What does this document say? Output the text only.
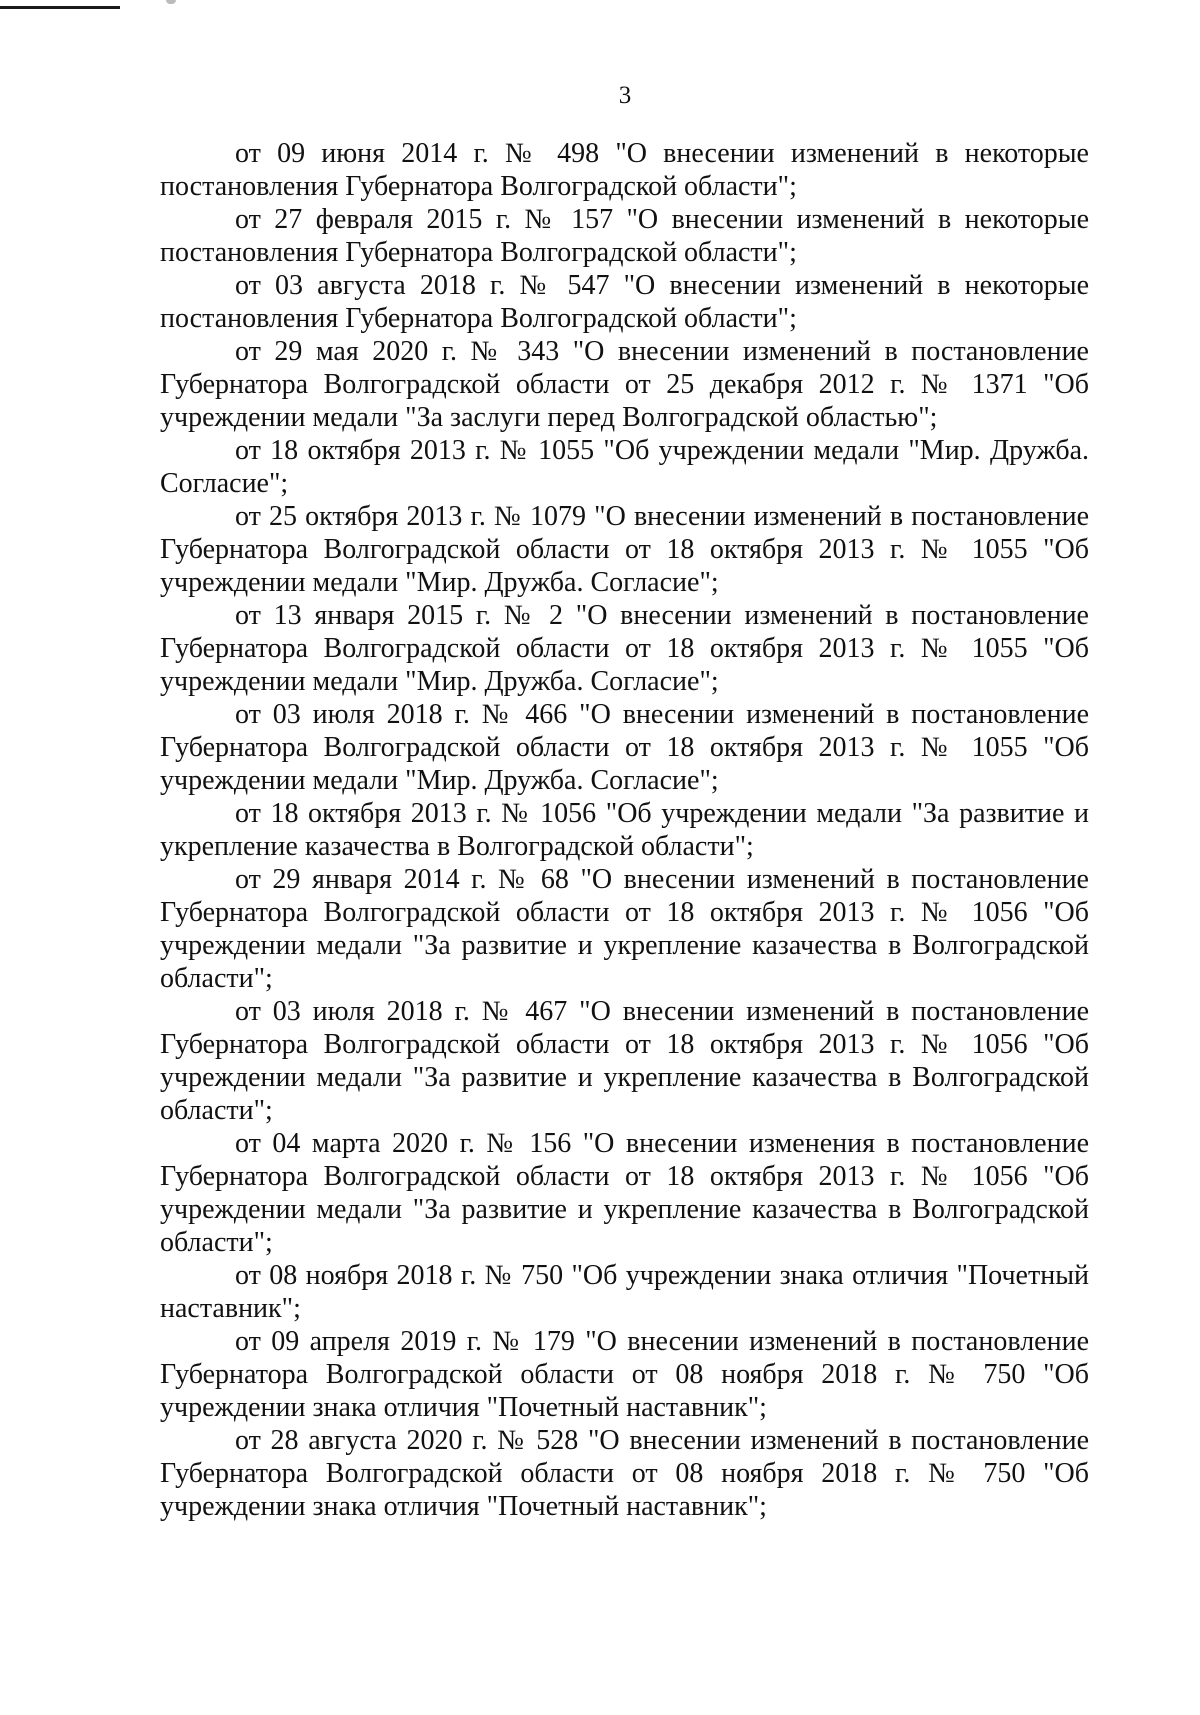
3
от 09 июня 2014 г. № 498 "О внесении изменений в некоторые постановления Губернатора Волгоградской области";
от 27 февраля 2015 г. № 157 "О внесении изменений в некоторые постановления Губернатора Волгоградской области";
от 03 августа 2018 г. № 547 "О внесении изменений в некоторые постановления Губернатора Волгоградской области";
от 29 мая 2020 г. № 343 "О внесении изменений в постановление Губернатора Волгоградской области от 25 декабря 2012 г. № 1371 "Об учреждении медали "За заслуги перед Волгоградской областью";
от 18 октября 2013 г. № 1055 "Об учреждении медали "Мир. Дружба. Согласие";
от 25 октября 2013 г. № 1079 "О внесении изменений в постановление Губернатора Волгоградской области от 18 октября 2013 г. № 1055 "Об учреждении медали "Мир. Дружба. Согласие";
от 13 января 2015 г. № 2 "О внесении изменений в постановление Губернатора Волгоградской области от 18 октября 2013 г. № 1055 "Об учреждении медали "Мир. Дружба. Согласие";
от 03 июля 2018 г. № 466 "О внесении изменений в постановление Губернатора Волгоградской области от 18 октября 2013 г. № 1055 "Об учреждении медали "Мир. Дружба. Согласие";
от 18 октября 2013 г. № 1056 "Об учреждении медали "За развитие и укрепление казачества в Волгоградской области";
от 29 января 2014 г. № 68 "О внесении изменений в постановление Губернатора Волгоградской области от 18 октября 2013 г. № 1056 "Об учреждении медали "За развитие и укрепление казачества в Волгоградской области";
от 03 июля 2018 г. № 467 "О внесении изменений в постановление Губернатора Волгоградской области от 18 октября 2013 г. № 1056 "Об учреждении медали "За развитие и укрепление казачества в Волгоградской области";
от 04 марта 2020 г. № 156 "О внесении изменения в постановление Губернатора Волгоградской области от 18 октября 2013 г. № 1056 "Об учреждении медали "За развитие и укрепление казачества в Волгоградской области";
от 08 ноября 2018 г. № 750 "Об учреждении знака отличия "Почетный наставник";
от 09 апреля 2019 г. № 179 "О внесении изменений в постановление Губернатора Волгоградской области от 08 ноября 2018 г. № 750 "Об учреждении знака отличия "Почетный наставник";
от 28 августа 2020 г. № 528 "О внесении изменений в постановление Губернатора Волгоградской области от 08 ноября 2018 г. № 750 "Об учреждении знака отличия "Почетный наставник";
